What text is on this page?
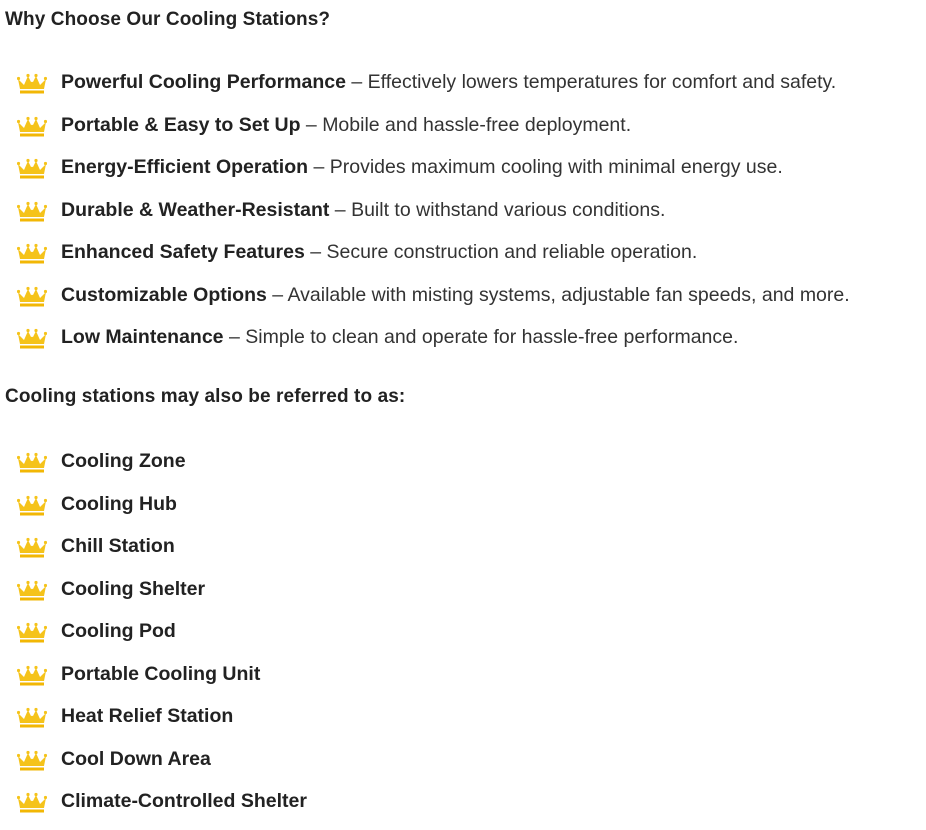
Why Choose Our Cooling Stations?
Powerful Cooling Performance – Effectively lowers temperatures for comfort and safety.
Portable & Easy to Set Up – Mobile and hassle-free deployment.
Energy-Efficient Operation – Provides maximum cooling with minimal energy use.
Durable & Weather-Resistant – Built to withstand various conditions.
Enhanced Safety Features – Secure construction and reliable operation.
Customizable Options – Available with misting systems, adjustable fan speeds, and more.
Low Maintenance – Simple to clean and operate for hassle-free performance.
Cooling stations may also be referred to as:
Cooling Zone
Cooling Hub
Chill Station
Cooling Shelter
Cooling Pod
Portable Cooling Unit
Heat Relief Station
Cool Down Area
Climate-Controlled Shelter
